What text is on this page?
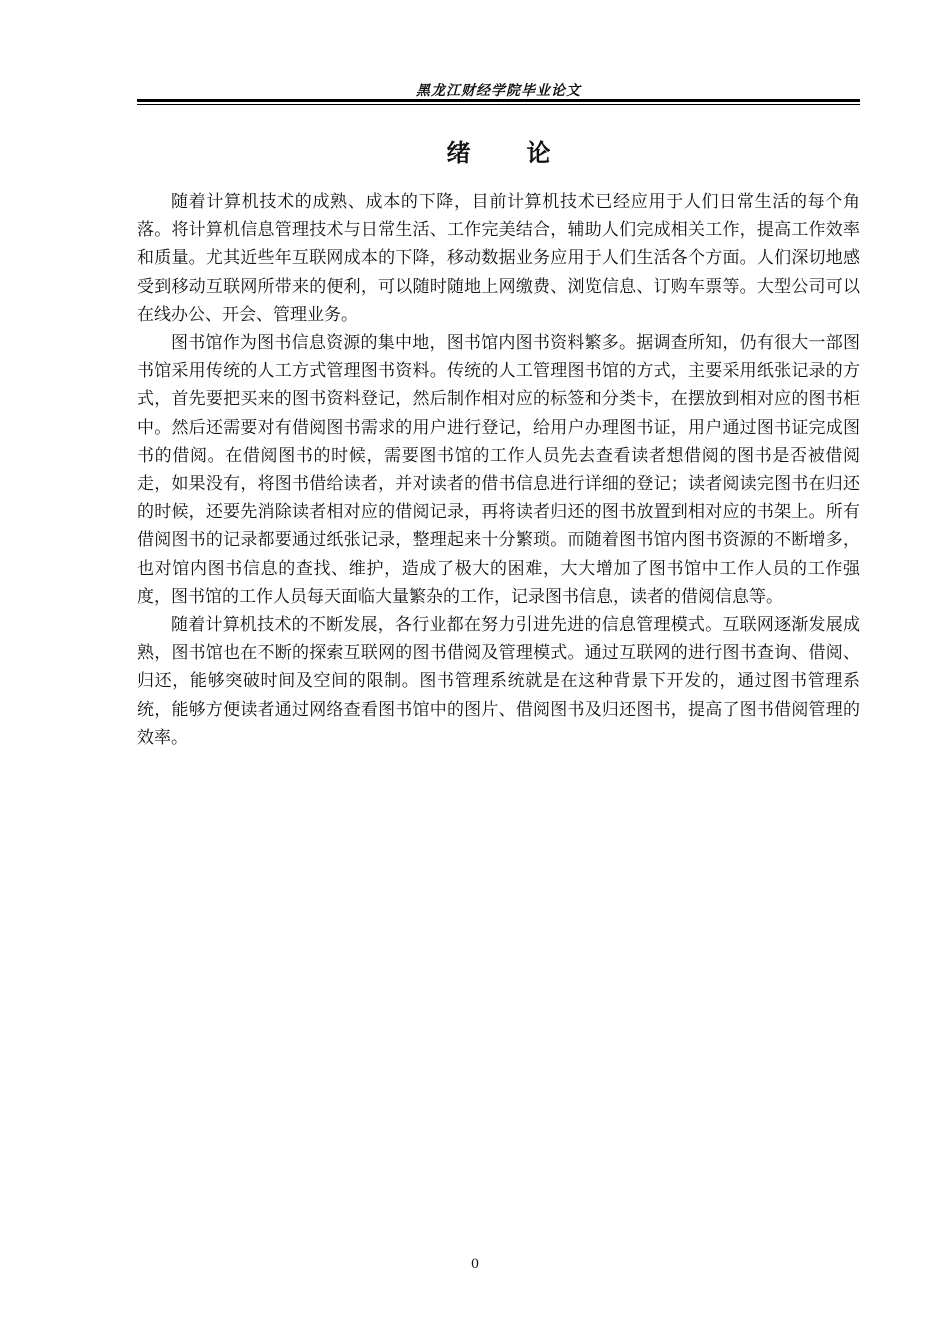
黑龙江财经学院毕业论文
绪 论

随着计算机技术的成熟、成本的下降，目前计算机技术已经应用于人们日常生活的每个角落。将计算机信息管理技术与日常生活、工作完美结合，辅助人们完成相关工作，提高工作效率和质量。尤其近些年互联网成本的下降，移动数据业务应用于人们生活各个方面。人们深切地感受到移动互联网所带来的便利，可以随时随地上网缴费、浏览信息、订购车票等。大型公司可以在线办公、开会、管理业务。

图书馆作为图书信息资源的集中地，图书馆内图书资料繁多。据调查所知，仍有很大一部图书馆采用传统的人工方式管理图书资料。传统的人工管理图书馆的方式，主要采用纸张记录的方式，首先要把买来的图书资料登记，然后制作相对应的标签和分类卡，在摆放到相对应的图书柜中。然后还需要对有借阅图书需求的用户进行登记，给用户办理图书证，用户通过图书证完成图书的借阅。在借阅图书的时候，需要图书馆的工作人员先去查看读者想借阅的图书是否被借阅走，如果没有，将图书借给读者，并对读者的借书信息进行详细的登记；读者阅读完图书在归还的时候，还要先消除读者相对应的借阅记录，再将读者归还的图书放置到相对应的书架上。所有借阅图书的记录都要通过纸张记录，整理起来十分繁琐。而随着图书馆内图书资源的不断增多，也对馆内图书信息的查找、维护，造成了极大的困难，大大增加了图书馆中工作人员的工作强度，图书馆的工作人员每天面临大量繁杂的工作，记录图书信息，读者的借阅信息等。

随着计算机技术的不断发展，各行业都在努力引进先进的信息管理模式。互联网逐渐发展成熟，图书馆也在不断的探索互联网的图书借阅及管理模式。通过互联网的进行图书查询、借阅、归还，能够突破时间及空间的限制。图书管理系统就是在这种背景下开发的，通过图书管理系统，能够方便读者通过网络查看图书馆中的图片、借阅图书及归还图书，提高了图书借阅管理的效率。

0
